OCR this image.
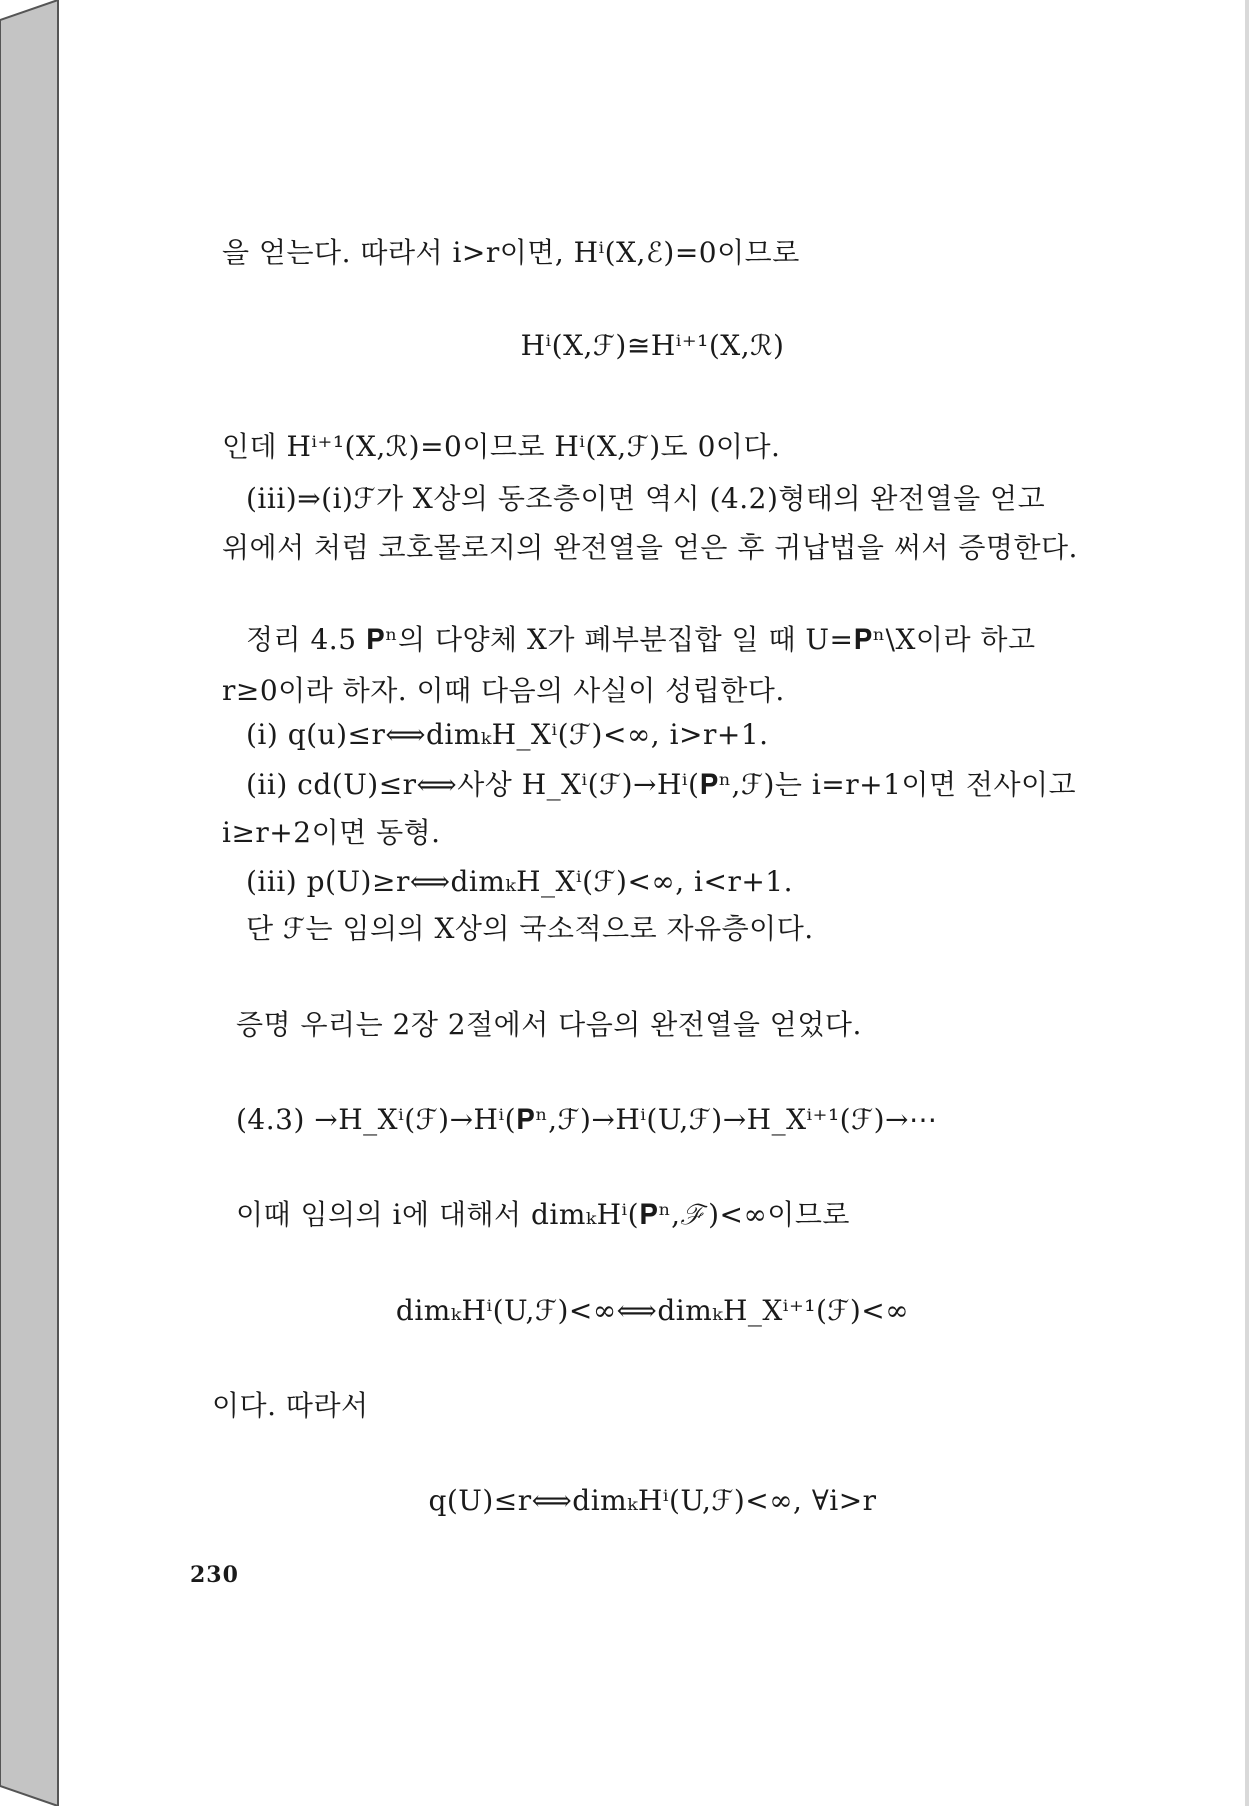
을 얻는다. 따라서 i>r이면, Hⁱ(X,ℰ)=0이므로
Hⁱ(X,ℱ)≅Hⁱ⁺¹(X,ℛ)
인데 Hⁱ⁺¹(X,ℛ)=0이므로 Hⁱ(X,ℱ)도 0이다.
(iii)⇒(i)ℱ가 X상의 동조층이면 역시 (4.2)형태의 완전열을 얻고
위에서 처럼 코호몰로지의 완전열을 얻은 후 귀납법을 써서 증명한다.
정리 4.5 𝐏ⁿ의 다양체 X가 폐부분집합 일 때 U=𝐏ⁿ\X이라 하고
r≥0이라 하자. 이때 다음의 사실이 성립한다.
(i) q(u)≤r⟺dimₖH_Xⁱ(ℱ)<∞, i>r+1.
(ii) cd(U)≤r⟺사상 H_Xⁱ(ℱ)→Hⁱ(𝐏ⁿ,ℱ)는 i=r+1이면 전사이고
i≥r+2이면 동형.
(iii) p(U)≥r⟺dimₖH_Xⁱ(ℱ)<∞, i<r+1.
단 ℱ는 임의의 X상의 국소적으로 자유층이다.
증명 우리는 2장 2절에서 다음의 완전열을 얻었다.
(4.3) →H_Xⁱ(ℱ)→Hⁱ(𝐏ⁿ,ℱ)→Hⁱ(U,ℱ)→H_Xⁱ⁺¹(ℱ)→⋯
이때 임의의 i에 대해서 dimₖHⁱ(𝐏ⁿ,ℱ)<∞이므로
dimₖHⁱ(U,ℱ)<∞⟺dimₖH_Xⁱ⁺¹(ℱ)<∞
이다. 따라서
q(U)≤r⟺dimₖHⁱ(U,ℱ)<∞, ∀i>r
230
